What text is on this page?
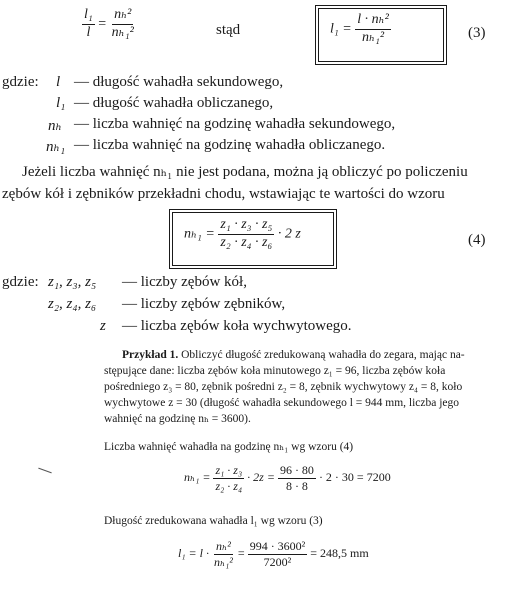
$\frac{\text{l₁}}{l} = \frac{\text{nₕ²}}{\text{nₕ₁²}}$	stąd	$l_1 = \frac{\text{l · nₕ²}}{\text{nₕ₁²}}$	(3)
gdzie: l — długość wahadła sekundowego,
l₁ — długość wahadła obliczanego,
nₕ — liczba wahnięć na godzinę wahadła sekundowego,
nₕ₁ — liczba wahnięć na godzinę wahadła obliczanego.
Jeżeli liczba wahnięć nₕ₁ nie jest podana, można ją obliczyć po policzeniu
zębów kół i zębników przekładni chodu, wstawiając te wartości do wzoru
$n_{h1} = \frac{\text{z₁ · z₃ · z₅}}{\text{z₂ · z₄ · z₆}} \cdot 2$ z	(4)
gdzie: z₁, z₃, z₅ — liczby zębów kół,
z₂, z₄, z₆ — liczby zębów zębników,
z — liczba zębów koła wychwytowego.
Przykład 1. Obliczyć długość zredukowaną wahadła do zegara, mając na-
stępujące dane: liczba zębów koła minutowego z₁ = 96, liczba zębów koła
pośredniego z₃ = 80, zębnik pośredni z₂ = 8, zębnik wychwytowy z₄ = 8, koło
wychwytowe z = 30 (długość wahadła sekundowego l = 944 mm, liczba jego
wahnięć na godzinę nₕ = 3600).
Liczba wahnięć wahadła na godzinę nₕ₁ wg wzoru (4)
$n_{h1} = \frac{\text{z₁ · z₃}}{\text{z₂ · z₄}} \cdot 2z = \frac{96 \cdot 80}{8 \cdot 8} \cdot 2 \cdot 30 = 7200$
Długość zredukowana wahadła l₁ wg wzoru (3)
$l_1 = l \cdot \frac{\text{nₕ²}}{\text{nₕ₁²}} = \frac{\text{994 · 3600²}}{\text{7200²}} = 248,5$ mm
